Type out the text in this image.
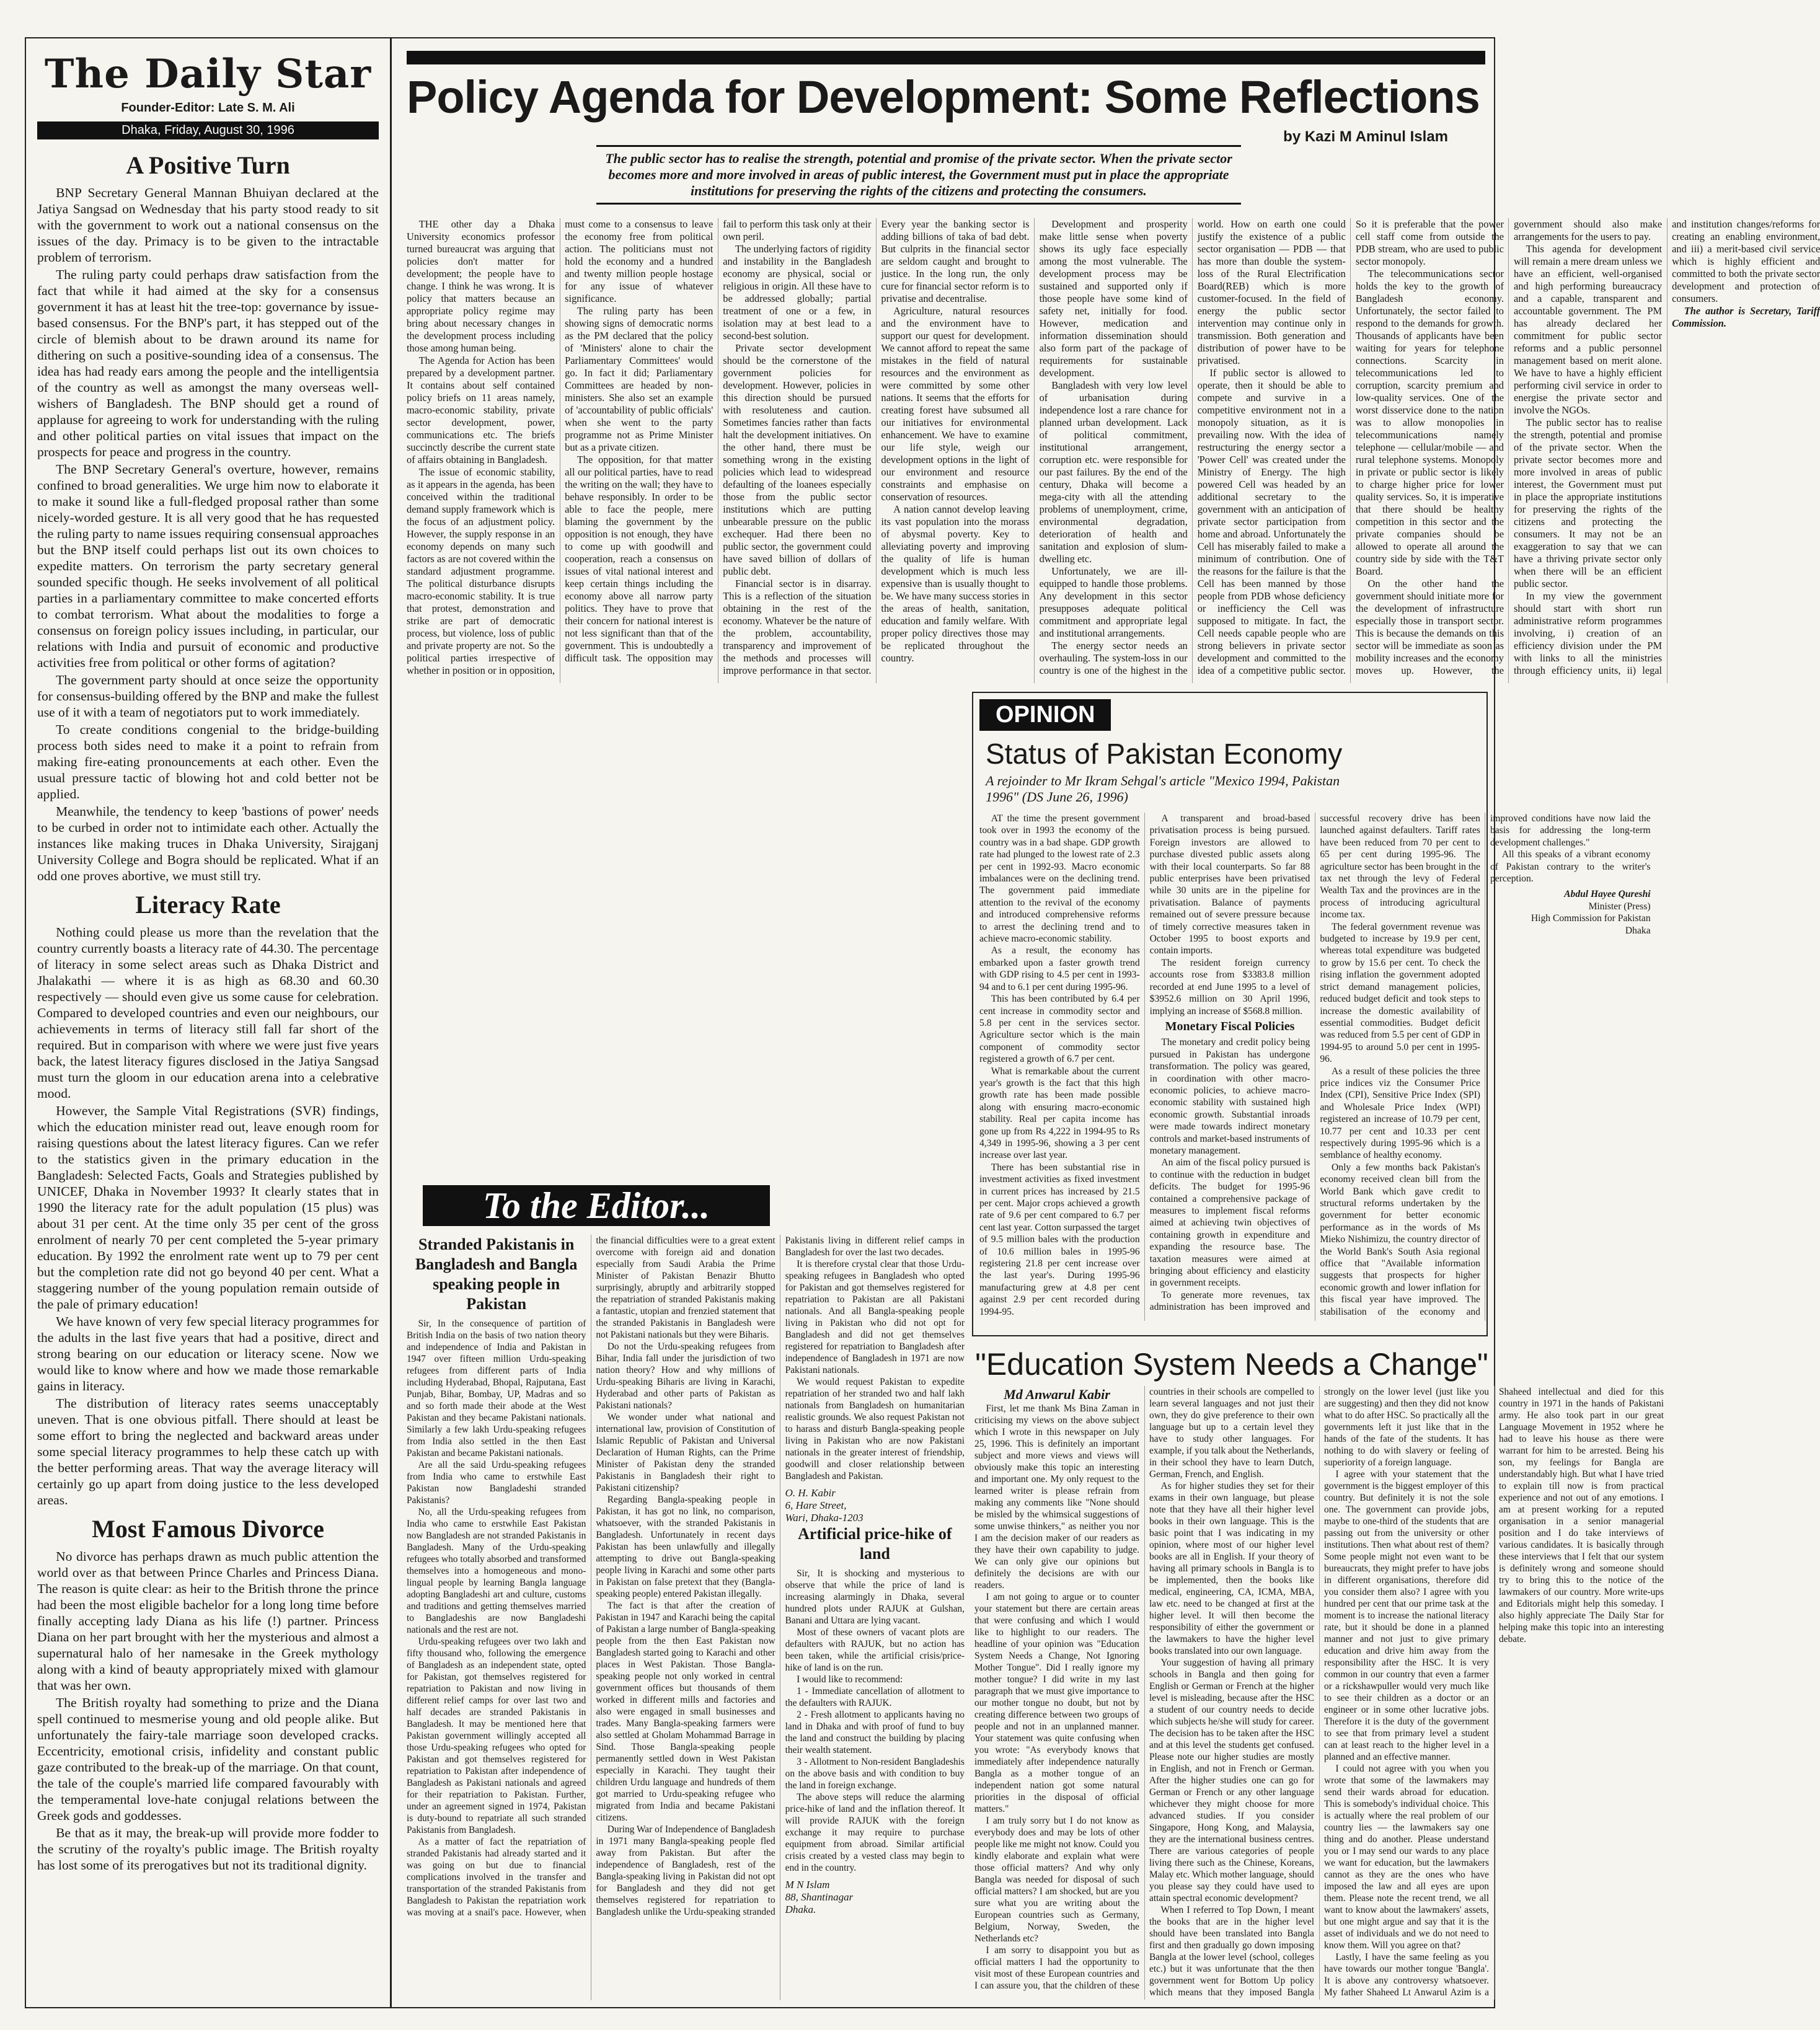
The Daily Star
Founder-Editor: Late S. M. Ali
Dhaka, Friday, August 30, 1996
A Positive Turn

BNP Secretary General Mannan Bhuiyan declared at the Jatiya Sangsad on Wednesday that his party stood ready to sit with the government to work out a national consensus on the issues of the day. Primacy is to be given to the intractable problem of terrorism.

The ruling party could perhaps draw satisfaction from the fact that while it had aimed at the sky for a consensus government it has at least hit the tree-top: governance by issue-based consensus. For the BNP's part, it has stepped out of the circle of blemish about to be drawn around its name for dithering on such a positive-sounding idea of a consensus. The idea has had ready ears among the people and the intelligentsia of the country as well as amongst the many overseas well-wishers of Bangladesh. The BNP should get a round of applause for agreeing to work for understanding with the ruling and other political parties on vital issues that impact on the prospects for peace and progress in the country.

The BNP Secretary General's overture, however, remains confined to broad generalities. We urge him now to elaborate it to make it sound like a full-fledged proposal rather than some nicely-worded gesture. It is all very good that he has requested the ruling party to name issues requiring consensual approaches but the BNP itself could perhaps list out its own choices to expedite matters. On terrorism the party secretary general sounded specific though. He seeks involvement of all political parties in a parliamentary committee to make concerted efforts to combat terrorism. What about the modalities to forge a consensus on foreign policy issues including, in particular, our relations with India and pursuit of economic and productive activities free from political or other forms of agitation?

The government party should at once seize the opportunity for consensus-building offered by the BNP and make the fullest use of it with a team of negotiators put to work immediately.

To create conditions congenial to the bridge-building process both sides need to make it a point to refrain from making fire-eating pronouncements at each other. Even the usual pressure tactic of blowing hot and cold better not be applied.

Meanwhile, the tendency to keep 'bastions of power' needs to be curbed in order not to intimidate each other. Actually the instances like making truces in Dhaka University, Sirajganj University College and Bogra should be replicated. What if an odd one proves abortive, we must still try.

Literacy Rate

Nothing could please us more than the revelation that the country currently boasts a literacy rate of 44.30. The percentage of literacy in some select areas such as Dhaka District and Jhalakathi — where it is as high as 68.30 and 60.30 respectively — should even give us some cause for celebration. Compared to developed countries and even our neighbours, our achievements in terms of literacy still fall far short of the required. But in comparison with where we were just five years back, the latest literacy figures disclosed in the Jatiya Sangsad must turn the gloom in our education arena into a celebrative mood.

However, the Sample Vital Registrations (SVR) findings, which the education minister read out, leave enough room for raising questions about the latest literacy figures. Can we refer to the statistics given in the primary education in the Bangladesh: Selected Facts, Goals and Strategies published by UNICEF, Dhaka in November 1993? It clearly states that in 1990 the literacy rate for the adult population (15 plus) was about 31 per cent. At the time only 35 per cent of the gross enrolment of nearly 70 per cent completed the 5-year primary education. By 1992 the enrolment rate went up to 79 per cent but the completion rate did not go beyond 40 per cent. What a staggering number of the young population remain outside of the pale of primary education!

We have known of very few special literacy programmes for the adults in the last five years that had a positive, direct and strong bearing on our education or literacy scene. Now we would like to know where and how we made those remarkable gains in literacy.

The distribution of literacy rates seems unacceptably uneven. That is one obvious pitfall. There should at least be some effort to bring the neglected and backward areas under some special literacy programmes to help these catch up with the better performing areas. That way the average literacy will certainly go up apart from doing justice to the less developed areas.

Most Famous Divorce

No divorce has perhaps drawn as much public attention the world over as that between Prince Charles and Princess Diana. The reason is quite clear: as heir to the British throne the prince had been the most eligible bachelor for a long long time before finally accepting lady Diana as his life (!) partner. Princess Diana on her part brought with her the mysterious and almost a supernatural halo of her namesake in the Greek mythology along with a kind of beauty appropriately mixed with glamour that was her own.

The British royalty had something to prize and the Diana spell continued to mesmerise young and old people alike. But unfortunately the fairy-tale marriage soon developed cracks. Eccentricity, emotional crisis, infidelity and constant public gaze contributed to the break-up of the marriage. On that count, the tale of the couple's married life compared favourably with the temperamental love-hate conjugal relations between the Greek gods and goddesses.

Be that as it may, the break-up will provide more fodder to the scrutiny of the royalty's public image. The British royalty has lost some of its prerogatives but not its traditional dignity.

Policy Agenda for Development: Some Reflections
by Kazi M Aminul Islam
The public sector has to realise the strength, potential and promise of the private sector. When the private sector becomes more and more involved in areas of public interest, the Government must put in place the appropriate institutions for preserving the rights of the citizens and protecting the consumers.

THE other day a Dhaka University economics professor turned bureaucrat was arguing that policies don't matter for development; the people have to change. I think he was wrong. It is policy that matters because an appropriate policy regime may bring about necessary changes in the development process including those among human being.

The Agenda for Action has been prepared by a development partner. It contains about self contained policy briefs on 11 areas namely, macro-economic stability, private sector development, power, communications etc. The briefs succinctly describe the current state of affairs obtaining in Bangladesh.

The issue of economic stability, as it appears in the agenda, has been conceived within the traditional demand supply framework which is the focus of an adjustment policy. However, the supply response in an economy depends on many such factors as are not covered within the standard adjustment programme. The political disturbance disrupts macro-economic stability. It is true that protest, demonstration and strike are part of democratic process, but violence, loss of public and private property are not. So the political parties irrespective of whether in position or in opposition, must come to a consensus to leave the economy free from political action. The politicians must not hold the economy and a hundred and twenty million people hostage for any issue of whatever significance.

The ruling party has been showing signs of democratic norms as the PM declared that the policy of 'Ministers' alone to chair the Parliamentary Committees' would go. In fact it did; Parliamentary Committees are headed by non-ministers. She also set an example of 'accountability of public officials' when she went to the party programme not as Prime Minister but as a private citizen.

The opposition, for that matter all our political parties, have to read the writing on the wall; they have to behave responsibly. In order to be able to face the people, mere blaming the government by the opposition is not enough, they have to come up with goodwill and cooperation, reach a consensus on issues of vital national interest and keep certain things including the economy above all narrow party politics. They have to prove that their concern for national interest is not less significant than that of the government. This is undoubtedly a difficult task. The opposition may fail to perform this task only at their own peril.

The underlying factors of rigidity and instability in the Bangladesh economy are physical, social or religious in origin. All these have to be addressed globally; partial treatment of one or a few, in isolation may at best lead to a second-best solution.

Private sector development should be the cornerstone of the government policies for development. However, policies in this direction should be pursued with resoluteness and caution. Sometimes fancies rather than facts halt the development initiatives. On the other hand, there must be something wrong in the existing policies which lead to widespread defaulting of the loanees especially those from the public sector institutions which are putting unbearable pressure on the public exchequer. Had there been no public sector, the government could have saved billion of dollars of public debt.

Financial sector is in disarray. This is a reflection of the situation obtaining in the rest of the economy. Whatever be the nature of the problem, accountability, transparency and improvement of the methods and processes will improve performance in that sector. Every year the banking sector is adding billions of taka of bad debt. But culprits in the financial sector are seldom caught and brought to justice. In the long run, the only cure for financial sector reform is to privatise and decentralise.

Agriculture, natural resources and the environment have to support our quest for development. We cannot afford to repeat the same mistakes in the field of natural resources and the environment as were committed by some other nations. It seems that the efforts for creating forest have subsumed all our initiatives for environmental enhancement. We have to examine our life style, weigh our development options in the light of our environment and resource constraints and emphasise on conservation of resources.

A nation cannot develop leaving its vast population into the morass of abysmal poverty. Key to alleviating poverty and improving the quality of life is human development which is much less expensive than is usually thought to be. We have many success stories in the areas of health, sanitation, education and family welfare. With proper policy directives those may be replicated throughout the country.

Development and prosperity make little sense when poverty shows its ugly face especially among the most vulnerable. The development process may be sustained and supported only if those people have some kind of safety net, initially for food. However, medication and information dissemination should also form part of the package of requirements for sustainable development.

Bangladesh with very low level of urbanisation during independence lost a rare chance for planned urban development. Lack of political commitment, institutional arrangement, corruption etc. were responsible for our past failures. By the end of the century, Dhaka will become a mega-city with all the attending problems of unemployment, crime, environmental degradation, deterioration of health and sanitation and explosion of slum-dwelling etc.

Unfortunately, we are ill-equipped to handle those problems. Any development in this sector presupposes adequate political commitment and appropriate legal and institutional arrangements.

The energy sector needs an overhauling. The system-loss in our country is one of the highest in the world. How on earth one could justify the existence of a public sector organisation — PDB — that has more than double the system-loss of the Rural Electrification Board(REB) which is more customer-focused. In the field of energy the public sector intervention may continue only in transmission. Both generation and distribution of power have to be privatised.

If public sector is allowed to operate, then it should be able to compete and survive in a competitive environment not in a monopoly situation, as it is prevailing now. With the idea of restructuring the energy sector a 'Power Cell' was created under the Ministry of Energy. The high powered Cell was headed by an additional secretary to the government with an anticipation of private sector participation from home and abroad. Unfortunately the Cell has miserably failed to make a minimum of contribution. One of the reasons for the failure is that the Cell has been manned by those people from PDB whose deficiency or inefficiency the Cell was supposed to mitigate. In fact, the Cell needs capable people who are strong believers in private sector development and committed to the idea of a competitive public sector. So it is preferable that the power cell staff come from outside the PDB stream, who are used to public sector monopoly.

The telecommunications sector holds the key to the growth of Bangladesh economy. Unfortunately, the sector failed to respond to the demands for growth. Thousands of applicants have been waiting for years for telephone connections. Scarcity in telecommunications led to corruption, scarcity premium and low-quality services. One of the worst disservice done to the nation was to allow monopolies in telecommunications namely telephone — cellular/mobile — and rural telephone systems. Monopoly in private or public sector is likely to charge higher price for lower quality services. So, it is imperative that there should be healthy competition in this sector and the private companies should be allowed to operate all around the country side by side with the T&T Board.

On the other hand the government should initiate more for the development of infrastructure especially those in transport sector. This is because the demands on this sector will be immediate as soon as mobility increases and the economy moves up. However, the government should also make arrangements for the users to pay.

This agenda for development will remain a mere dream unless we have an efficient, well-organised and high performing bureaucracy and a capable, transparent and accountable government. The PM has already declared her commitment for public sector reforms and a public personnel management based on merit alone. We have to have a highly efficient performing civil service in order to energise the private sector and involve the NGOs.

The public sector has to realise the strength, potential and promise of the private sector. When the private sector becomes more and more involved in areas of public interest, the Government must put in place the appropriate institutions for preserving the rights of the citizens and protecting the consumers. It may not be an exaggeration to say that we can have a thriving private sector only when there will be an efficient public sector.

In my view the government should start with short run administrative reform programmes involving, i) creation of an efficiency division under the PM with links to all the ministries through efficiency units, ii) legal and institution changes/reforms for creating an enabling environment, and iii) a merit-based civil service which is highly efficient and committed to both the private sector development and protection of consumers.

The author is Secretary, Tariff Commission.

OPINION
Status of Pakistan Economy
A rejoinder to Mr Ikram Sehgal's article "Mexico 1994, Pakistan 1996" (DS June 26, 1996)

AT the time the present government took over in 1993 the economy of the country was in a bad shape. GDP growth rate had plunged to the lowest rate of 2.3 per cent in 1992-93. Macro economic imbalances were on the declining trend. The government paid immediate attention to the revival of the economy and introduced comprehensive reforms to arrest the declining trend and to achieve macro-economic stability.

As a result, the economy has embarked upon a faster growth trend with GDP rising to 4.5 per cent in 1993-94 and to 6.1 per cent during 1995-96.

This has been contributed by 6.4 per cent increase in commodity sector and 5.8 per cent in the services sector. Agriculture sector which is the main component of commodity sector registered a growth of 6.7 per cent.

What is remarkable about the current year's growth is the fact that this high growth rate has been made possible along with ensuring macro-economic stability. Real per capita income has gone up from Rs 4,222 in 1994-95 to Rs 4,349 in 1995-96, showing a 3 per cent increase over last year.

There has been substantial rise in investment activities as fixed investment in current prices has increased by 21.5 per cent. Major crops achieved a growth rate of 9.6 per cent compared to 6.7 per cent last year. Cotton surpassed the target of 9.5 million bales with the production of 10.6 million bales in 1995-96 registering 21.8 per cent increase over the last year's. During 1995-96 manufacturing grew at 4.8 per cent against 2.9 per cent recorded during 1994-95.

A transparent and broad-based privatisation process is being pursued. Foreign investors are allowed to purchase divested public assets along with their local counterparts. So far 88 public enterprises have been privatised while 30 units are in the pipeline for privatisation. Balance of payments remained out of severe pressure because of timely corrective measures taken in October 1995 to boost exports and contain imports.

The resident foreign currency accounts rose from $3383.8 million recorded at end June 1995 to a level of $3952.6 million on 30 April 1996, implying an increase of $568.8 million.

Monetary Fiscal Policies

The monetary and credit policy being pursued in Pakistan has undergone transformation. The policy was geared, in coordination with other macro-economic policies, to achieve macro-economic stability with sustained high economic growth. Substantial inroads were made towards indirect monetary controls and market-based instruments of monetary management.

An aim of the fiscal policy pursued is to continue with the reduction in budget deficits. The budget for 1995-96 contained a comprehensive package of measures to implement fiscal reforms aimed at achieving twin objectives of containing growth in expenditure and expanding the resource base. The taxation measures were aimed at bringing about efficiency and elasticity in government receipts.

To generate more revenues, tax administration has been improved and successful recovery drive has been launched against defaulters. Tariff rates have been reduced from 70 per cent to 65 per cent during 1995-96. The agriculture sector has been brought in the tax net through the levy of Federal Wealth Tax and the provinces are in the process of introducing agricultural income tax.

The federal government revenue was budgeted to increase by 19.9 per cent, whereas total expenditure was budgeted to grow by 15.6 per cent. To check the rising inflation the government adopted strict demand management policies, reduced budget deficit and took steps to increase the domestic availability of essential commodities. Budget deficit was reduced from 5.5 per cent of GDP in 1994-95 to around 5.0 per cent in 1995-96.

As a result of these policies the three price indices viz the Consumer Price Index (CPI), Sensitive Price Index (SPI) and Wholesale Price Index (WPI) registered an increase of 10.79 per cent, 10.77 per cent and 10.33 per cent respectively during 1995-96 which is a semblance of healthy economy.

Only a few months back Pakistan's economy received clean bill from the World Bank which gave credit to structural reforms undertaken by the government for better economic performance as in the words of Ms Mieko Nishimizu, the country director of the World Bank's South Asia regional office that "Available information suggests that prospects for higher economic growth and lower inflation for this fiscal year have improved. The stabilisation of the economy and improved conditions have now laid the basis for addressing the long-term development challenges."

All this speaks of a vibrant economy of Pakistan contrary to the writer's perception.

Abdul Hayee Qureshi
Minister (Press)
High Commission for Pakistan
Dhaka
To the Editor...
Stranded Pakistanis in Bangladesh and Bangla speaking people in Pakistan

Sir, In the consequence of partition of British India on the basis of two nation theory and independence of India and Pakistan in 1947 over fifteen million Urdu-speaking refugees from different parts of India including Hyderabad, Bhopal, Rajputana, East Punjab, Bihar, Bombay, UP, Madras and so and so forth made their abode at the West Pakistan and they became Pakistani nationals. Similarly a few lakh Urdu-speaking refugees from India also settled in the then East Pakistan and became Pakistani nationals.

Are all the said Urdu-speaking refugees from India who came to erstwhile East Pakistan now Bangladeshi stranded Pakistanis?

No, all the Urdu-speaking refugees from India who came to erstwhile East Pakistan now Bangladesh are not stranded Pakistanis in Bangladesh. Many of the Urdu-speaking refugees who totally absorbed and transformed themselves into a homogeneous and mono-lingual people by learning Bangla language adopting Bangladeshi art and culture, customs and traditions and getting themselves married to Bangladeshis are now Bangladeshi nationals and the rest are not.

Urdu-speaking refugees over two lakh and fifty thousand who, following the emergence of Bangladesh as an independent state, opted for Pakistan, got themselves registered for repatriation to Pakistan and now living in different relief camps for over last two and half decades are stranded Pakistanis in Bangladesh. It may be mentioned here that Pakistan government willingly accepted all those Urdu-speaking refugees who opted for Pakistan and got themselves registered for repatriation to Pakistan after independence of Bangladesh as Pakistani nationals and agreed for their repatriation to Pakistan. Further, under an agreement signed in 1974, Pakistan is duty-bound to repatriate all such stranded Pakistanis from Bangladesh.

As a matter of fact the repatriation of stranded Pakistanis had already started and it was going on but due to financial complications involved in the transfer and transportation of the stranded Pakistanis from Bangladesh to Pakistan the repatriation work was moving at a snail's pace. However, when the financial difficulties were to a great extent overcome with foreign aid and donation especially from Saudi Arabia the Prime Minister of Pakistan Benazir Bhutto surprisingly, abruptly and arbitrarily stopped the repatriation of stranded Pakistanis making a fantastic, utopian and frenzied statement that the stranded Pakistanis in Bangladesh were not Pakistani nationals but they were Biharis.

Do not the Urdu-speaking refugees from Bihar, India fall under the jurisdiction of two nation theory? How and why millions of Urdu-speaking Biharis are living in Karachi, Hyderabad and other parts of Pakistan as Pakistani nationals?

We wonder under what national and international law, provision of Constitution of Islamic Republic of Pakistan and Universal Declaration of Human Rights, can the Prime Minister of Pakistan deny the stranded Pakistanis in Bangladesh their right to Pakistani citizenship?

Regarding Bangla-speaking people in Pakistan, it has got no link, no comparison, whatsoever, with the stranded Pakistanis in Bangladesh. Unfortunately in recent days Pakistan has been unlawfully and illegally attempting to drive out Bangla-speaking people living in Karachi and some other parts in Pakistan on false pretext that they (Bangla-speaking people) entered Pakistan illegally.

The fact is that after the creation of Pakistan in 1947 and Karachi being the capital of Pakistan a large number of Bangla-speaking people from the then East Pakistan now Bangladesh started going to Karachi and other places in West Pakistan. Those Bangla-speaking people not only worked in central government offices but thousands of them worked in different mills and factories and also were engaged in small businesses and trades. Many Bangla-speaking farmers were also settled at Gholam Mohammad Barrage in Sind. Those Bangla-speaking people permanently settled down in West Pakistan especially in Karachi. They taught their children Urdu language and hundreds of them got married to Urdu-speaking refugee who migrated from India and became Pakistani citizens.

During War of Independence of Bangladesh in 1971 many Bangla-speaking people fled away from Pakistan. But after the independence of Bangladesh, rest of the Bangla-speaking living in Pakistan did not opt for Bangladesh and they did not get themselves registered for repatriation to Bangladesh unlike the Urdu-speaking stranded Pakistanis living in different relief camps in Bangladesh for over the last two decades.

It is therefore crystal clear that those Urdu-speaking refugees in Bangladesh who opted for Pakistan and got themselves registered for repatriation to Pakistan are all Pakistani nationals. And all Bangla-speaking people living in Pakistan who did not opt for Bangladesh and did not get themselves registered for repatriation to Bangladesh after independence of Bangladesh in 1971 are now Pakistani nationals.

We would request Pakistan to expedite repatriation of her stranded two and half lakh nationals from Bangladesh on humanitarian realistic grounds. We also request Pakistan not to harass and disturb Bangla-speaking people living in Pakistan who are now Pakistani nationals in the greater interest of friendship, goodwill and closer relationship between Bangladesh and Pakistan.

O. H. Kabir
6, Hare Street,
Wari, Dhaka-1203
Artificial price-hike of land

Sir, It is shocking and mysterious to observe that while the price of land is increasing alarmingly in Dhaka, several hundred plots under RAJUK at Gulshan, Banani and Uttara are lying vacant.

Most of these owners of vacant plots are defaulters with RAJUK, but no action has been taken, while the artificial crisis/price-hike of land is on the run.

I would like to recommend:

1 - Immediate cancellation of allotment to the defaulters with RAJUK.

2 - Fresh allotment to applicants having no land in Dhaka and with proof of fund to buy the land and construct the building by placing their wealth statement.

3 - Allotment to Non-resident Bangladeshis on the above basis and with condition to buy the land in foreign exchange.

The above steps will reduce the alarming price-hike of land and the inflation thereof. It will provide RAJUK with the foreign exchange it may require to purchase equipment from abroad. Similar artificial crisis created by a vested class may begin to end in the country.

M N Islam
88, Shantinagar
Dhaka.
"Education System Needs a Change"
Md Anwarul Kabir

First, let me thank Ms Bina Zaman in criticising my views on the above subject which I wrote in this newspaper on July 25, 1996. This is definitely an important subject and more views and views will obviously make this topic an interesting and important one. My only request to the learned writer is please refrain from making any comments like "None should be misled by the whimsical suggestions of some unwise thinkers," as neither you nor I am the decision maker of our readers as they have their own capability to judge. We can only give our opinions but definitely the decisions are with our readers.

I am not going to argue or to counter your statement but there are certain areas that were confusing and which I would like to highlight to our readers. The headline of your opinion was "Education System Needs a Change, Not Ignoring Mother Tongue". Did I really ignore my mother tongue? I did write in my last paragraph that we must give importance to our mother tongue no doubt, but not by creating difference between two groups of people and not in an unplanned manner. Your statement was quite confusing when you wrote: "As everybody knows that immediately after independence naturally Bangla as a mother tongue of an independent nation got some natural priorities in the disposal of official matters."

I am truly sorry but I do not know as everybody does and may be lots of other people like me might not know. Could you kindly elaborate and explain what were those official matters? And why only Bangla was needed for disposal of such official matters? I am shocked, but are you sure what you are writing about the European countries such as Germany, Belgium, Norway, Sweden, the Netherlands etc?

I am sorry to disappoint you but as official matters I had the opportunity to visit most of these European countries and I can assure you, that the children of these countries in their schools are compelled to learn several languages and not just their own, they do give preference to their own language but up to a certain level they have to study other languages. For example, if you talk about the Netherlands, in their school they have to learn Dutch, German, French, and English.

As for higher studies they set for their exams in their own language, but please note that they have all their higher level books in their own language. This is the basic point that I was indicating in my opinion, where most of our higher level books are all in English. If your theory of having all primary schools in Bangla is to be implemented, then the books like medical, engineering, CA, ICMA, MBA, law etc. need to be changed at first at the higher level. It will then become the responsibility of either the government or the lawmakers to have the higher level books translated into our own language.

Your suggestion of having all primary schools in Bangla and then going for English or German or French at the higher level is misleading, because after the HSC a student of our country needs to decide which subjects he/she will study for career. The decision has to be taken after the HSC and at this level the students get confused. Please note our higher studies are mostly in English, and not in French or German. After the higher studies one can go for German or French or any other language whichever they might choose for more advanced studies. If you consider Singapore, Hong Kong, and Malaysia, they are the international business centres. There are various categories of people living there such as the Chinese, Koreans, Malay etc. Which mother language, should you please say they could have used to attain spectral economic development?

When I referred to Top Down, I meant the books that are in the higher level should have been translated into Bangla first and then gradually go down imposing Bangla at the lower level (school, colleges etc.) but it was unfortunate that the then government went for Bottom Up policy which means that they imposed Bangla strongly on the lower level (just like you are suggesting) and then they did not know what to do after HSC. So practically all the governments left it just like that in the hands of the fate of the students. It has nothing to do with slavery or feeling of superiority of a foreign language.

I agree with your statement that the government is the biggest employer of this country. But definitely it is not the sole one. The government can provide jobs, maybe to one-third of the students that are passing out from the university or other institutions. Then what about rest of them? Some people might not even want to be bureaucrats, they might prefer to have jobs in different organisations, therefore did you consider them also? I agree with you hundred per cent that our prime task at the moment is to increase the national literacy rate, but it should be done in a planned manner and not just to give primary education and drive him away from the responsibility after the HSC. It is very common in our country that even a farmer or a rickshawpuller would very much like to see their children as a doctor or an engineer or in some other lucrative jobs. Therefore it is the duty of the government to see that from primary level a student can at least reach to the higher level in a planned and an effective manner.

I could not agree with you when you wrote that some of the lawmakers may send their wards abroad for education. This is somebody's individual choice. This is actually where the real problem of our country lies — the lawmakers say one thing and do another. Please understand you or I may send our wards to any place we want for education, but the lawmakers cannot as they are the ones who have imposed the law and all eyes are upon them. Please note the recent trend, we all want to know about the lawmakers' assets, but one might argue and say that it is the asset of individuals and we do not need to know them. Will you agree on that?

Lastly, I have the same feeling as you have towards our mother tongue 'Bangla'. It is above any controversy whatsoever. My father Shaheed Lt Anwarul Azim is a Shaheed intellectual and died for this country in 1971 in the hands of Pakistani army. He also took part in our great Language Movement in 1952 where he had to leave his house as there were warrant for him to be arrested. Being his son, my feelings for Bangla are understandably high. But what I have tried to explain till now is from practical experience and not out of any emotions. I am at present working for a reputed organisation in a senior managerial position and I do take interviews of various candidates. It is basically through these interviews that I felt that our system is definitely wrong and someone should try to bring this to the notice of the lawmakers of our country. More write-ups and Editorials might help this someday. I also highly appreciate The Daily Star for helping make this topic into an interesting debate.
